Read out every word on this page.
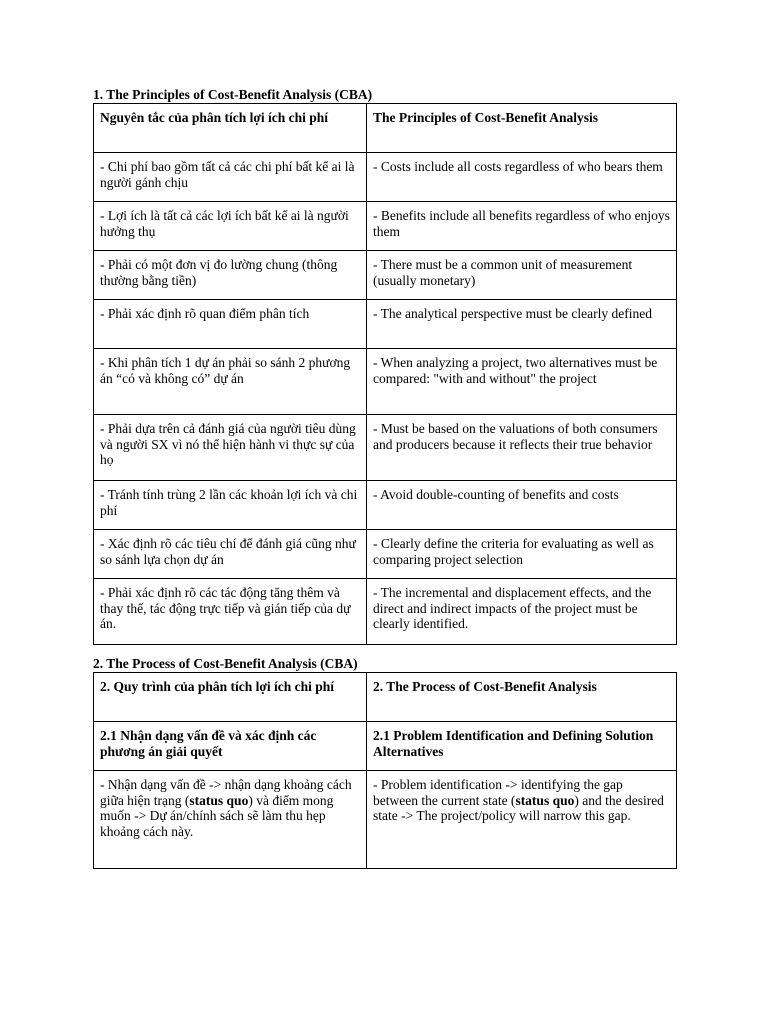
1. The Principles of Cost-Benefit Analysis (CBA)
Nguyên tắc của phân tích lợi ích chi phí	The Principles of Cost-Benefit Analysis
- Chi phí bao gồm tất cả các chi phí bất kể ai là người gánh chịu	- Costs include all costs regardless of who bears them
- Lợi ích là tất cả các lợi ích bất kể ai là người hưởng thụ	- Benefits include all benefits regardless of who enjoys them
- Phải có một đơn vị đo lường chung (thông thường bằng tiền)	- There must be a common unit of measurement (usually monetary)
- Phải xác định rõ quan điểm phân tích	- The analytical perspective must be clearly defined
- Khi phân tích 1 dự án phải so sánh 2 phương án “có và không có” dự án	- When analyzing a project, two alternatives must be compared: "with and without" the project
- Phải dựa trên cả đánh giá của người tiêu dùng và người SX vì nó thể hiện hành vi thực sự của họ	- Must be based on the valuations of both consumers and producers because it reflects their true behavior
- Tránh tính trùng 2 lần các khoản lợi ích và chi phí	- Avoid double-counting of benefits and costs
- Xác định rõ các tiêu chí để đánh giá cũng như so sánh lựa chọn dự án	- Clearly define the criteria for evaluating as well as comparing project selection
- Phải xác định rõ các tác động tăng thêm và thay thế, tác động trực tiếp và gián tiếp của dự án.	- The incremental and displacement effects, and the direct and indirect impacts of the project must be clearly identified.
2. The Process of Cost-Benefit Analysis (CBA)
2. Quy trình của phân tích lợi ích chi phí	2. The Process of Cost-Benefit Analysis
2.1 Nhận dạng vấn đề và xác định các phương án giải quyết	2.1 Problem Identification and Defining Solution Alternatives
- Nhận dạng vấn đề -> nhận dạng khoảng cách giữa hiện trạng (status quo) và điểm mong muốn -> Dự án/chính sách sẽ làm thu hẹp khoảng cách này.	- Problem identification -> identifying the gap between the current state (status quo) and the desired state -> The project/policy will narrow this gap.
